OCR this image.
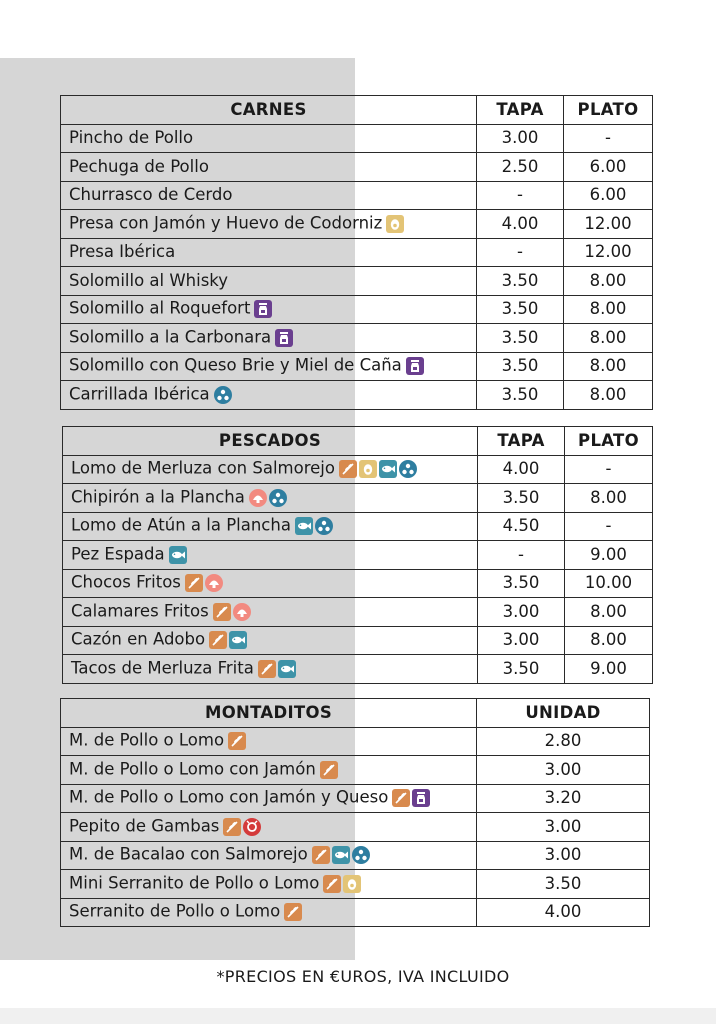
CARNES	TAPA	PLATO
Pincho de Pollo	3.00	-
Pechuga de Pollo	2.50	6.00
Churrasco de Cerdo	-	6.00
Presa con Jamón y Huevo de Codorniz	4.00	12.00
Presa Ibérica	-	12.00
Solomillo al Whisky	3.50	8.00
Solomillo al Roquefort	3.50	8.00
Solomillo a la Carbonara	3.50	8.00
Solomillo con Queso Brie y Miel de Caña	3.50	8.00
Carrillada Ibérica	3.50	8.00
PESCADOS	TAPA	PLATO
Lomo de Merluza con Salmorejo	4.00	-
Chipirón a la Plancha	3.50	8.00
Lomo de Atún a la Plancha	4.50	-
Pez Espada	-	9.00
Chocos Fritos	3.50	10.00
Calamares Fritos	3.00	8.00
Cazón en Adobo	3.00	8.00
Tacos de Merluza Frita	3.50	9.00
MONTADITOS	UNIDAD
M. de Pollo o Lomo	2.80
M. de Pollo o Lomo con Jamón	3.00
M. de Pollo o Lomo con Jamón y Queso	3.20
Pepito de Gambas	3.00
M. de Bacalao con Salmorejo	3.00
Mini Serranito de Pollo o Lomo	3.50
Serranito de Pollo o Lomo	4.00
*PRECIOS EN €UROS, IVA INCLUIDO
